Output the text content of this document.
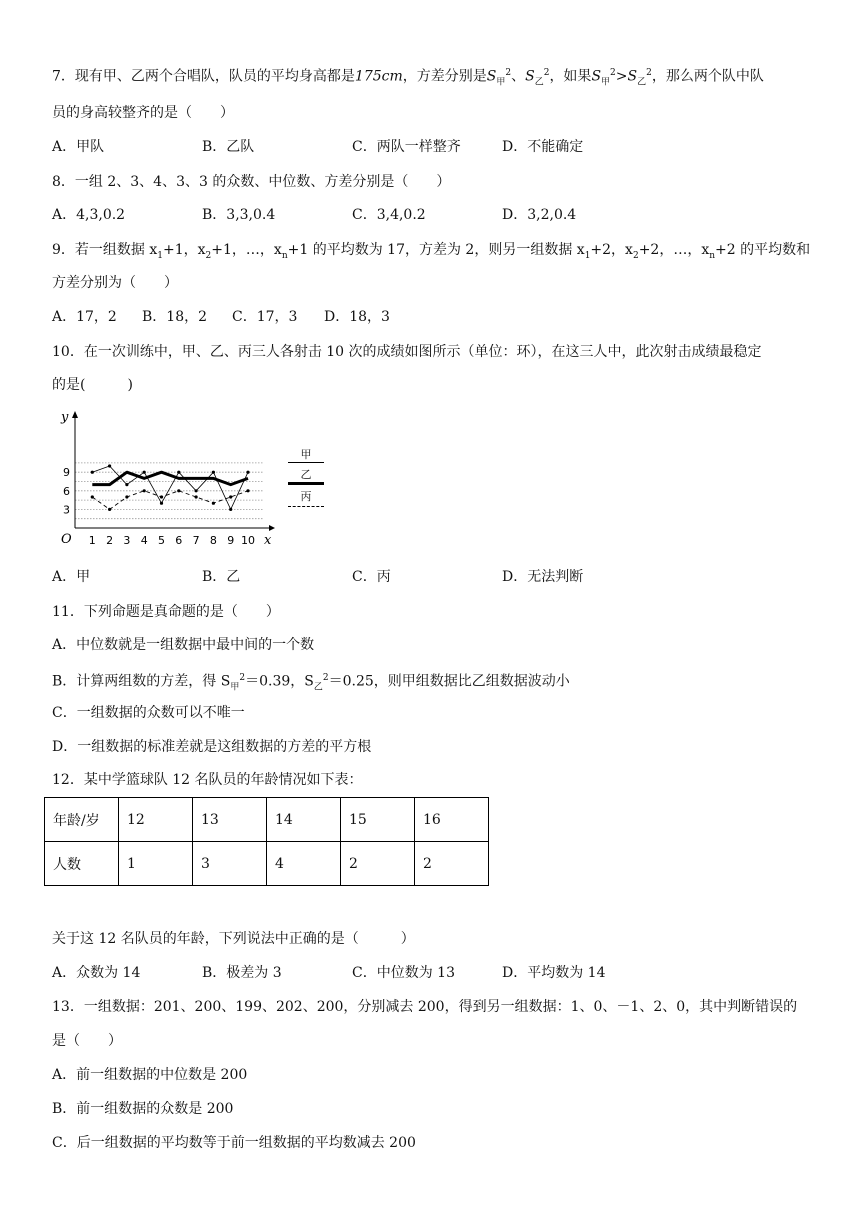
7．现有甲、乙两个合唱队，队员的平均身高都是175cm，方差分别是$S_甲^2$、$S_乙^2$，如果$S_甲^2>S_乙^2$，那么两个队中队
员的身高较整齐的是（　　）
A．甲队	B．乙队	C．两队一样整齐	D．不能确定
8．一组 2、3、4、3、3 的众数、中位数、方差分别是（　　）
A．4,3,0.2	B．3,3,0.4	C．3,4,0.2	D．3,2,0.4
9．若一组数据 $x_1+1$，$x_2+1$，…，$x_n+1$ 的平均数为 17，方差为 2，则另一组数据 $x_1+2$，$x_2+2$，…，$x_n+2$ 的平均数和
方差分别为（　　）
A．17，2 B．18，2 C．17，3 D．18，3
10．在一次训练中，甲、乙、丙三人各射击 10 次的成绩如图所示（单位：环），在这三人中，此次射击成绩最稳定
的是(　　　)
O
y
x
1 2 3 4 5 6 7 8 9 10
3
6
9
甲
乙
丙
A．甲	B．乙	C．丙	D．无法判断
11．下列命题是真命题的是（　　）
A．中位数就是一组数据中最中间的一个数
B．计算两组数的方差，得 $S_甲^2=0.39$，$S_乙^2=0.25$，则甲组数据比乙组数据波动小
C．一组数据的众数可以不唯一
D．一组数据的标准差就是这组数据的方差的平方根
12．某中学篮球队 12 名队员的年龄情况如下表：
年龄/岁	12	13	14	15	16
人数	1	3	4	2	2
关于这 12 名队员的年龄，下列说法中正确的是（　　　）
A．众数为 14	B．极差为 3	C．中位数为 13	D．平均数为 14
13．一组数据：201、200、199、202、200，分别减去 200，得到另一组数据：1、0、－1、2、0，其中判断错误的
是（　　）
A．前一组数据的中位数是 200
B．前一组数据的众数是 200
C．后一组数据的平均数等于前一组数据的平均数减去 200
